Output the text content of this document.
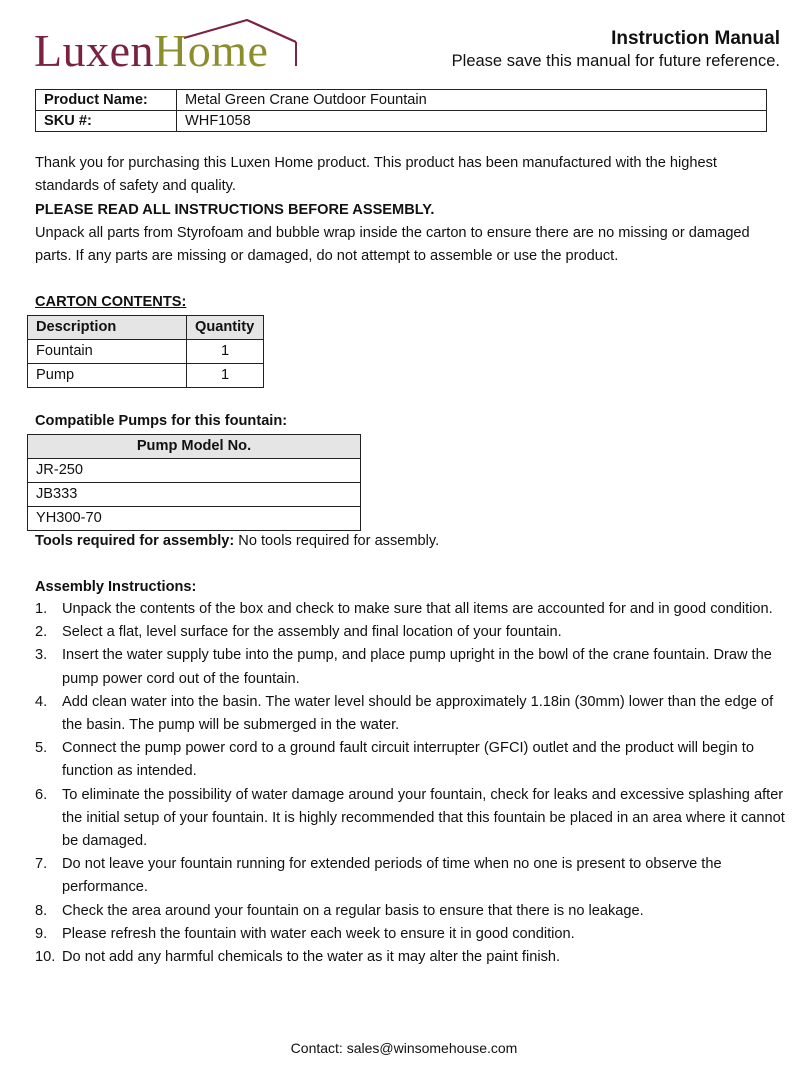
LuxenHome	Instruction Manual
Please save this manual for future reference.
Product Name:	Metal Green Crane Outdoor Fountain
SKU #:	WHF1058

Thank you for purchasing this Luxen Home product. This product has been manufactured with the highest standards of safety and quality.

PLEASE READ ALL INSTRUCTIONS BEFORE ASSEMBLY.

Unpack all parts from Styrofoam and bubble wrap inside the carton to ensure there are no missing or damaged parts. If any parts are missing or damaged, do not attempt to assemble or use the product.

CARTON CONTENTS:

Description	Quantity
Fountain	1
Pump	1

Compatible Pumps for this fountain:

Pump Model No.
JR-250
JB333
YH300-70

Tools required for assembly: No tools required for assembly.

Assembly Instructions:

1. Unpack the contents of the box and check to make sure that all items are accounted for and in good condition.
2. Select a flat, level surface for the assembly and final location of your fountain.
3. Insert the water supply tube into the pump, and place pump upright in the bowl of the crane fountain. Draw the pump power cord out of the fountain.
4. Add clean water into the basin. The water level should be approximately 1.18in (30mm) lower than the edge of the basin. The pump will be submerged in the water.
5. Connect the pump power cord to a ground fault circuit interrupter (GFCI) outlet and the product will begin to function as intended.
6. To eliminate the possibility of water damage around your fountain, check for leaks and excessive splashing after the initial setup of your fountain. It is highly recommended that this fountain be placed in an area where it cannot be damaged.
7. Do not leave your fountain running for extended periods of time when no one is present to observe the performance.
8. Check the area around your fountain on a regular basis to ensure that there is no leakage.
9. Please refresh the fountain with water each week to ensure it in good condition.
10. Do not add any harmful chemicals to the water as it may alter the paint finish.
Contact: sales@winsomehouse.com
